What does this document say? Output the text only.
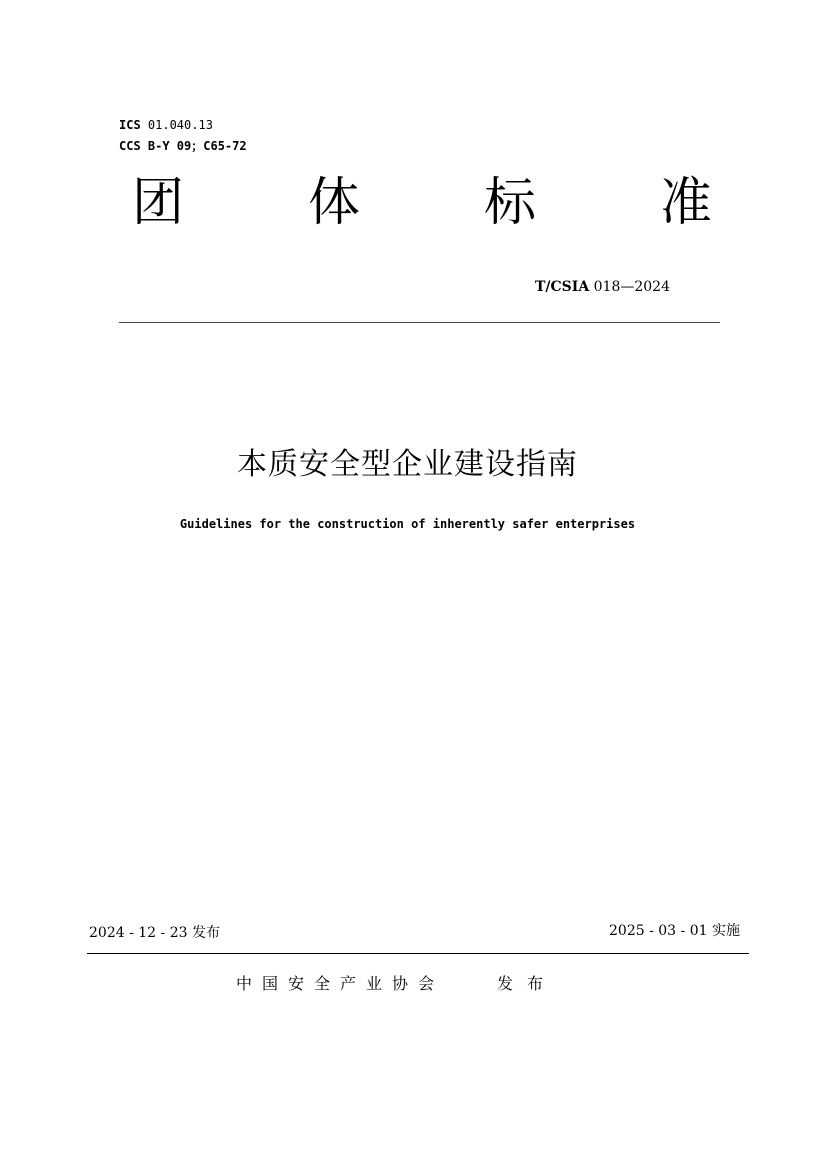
ICS 01.040.13
CCS B-Y 09；C65-72
团 体 标 准
T/CSIA 018—2024
本质安全型企业建设指南
Guidelines for the construction of inherently safer enterprises
2024 - 12 - 23 发布	2025 - 03 - 01 实施
中国安全产业协会	发布
